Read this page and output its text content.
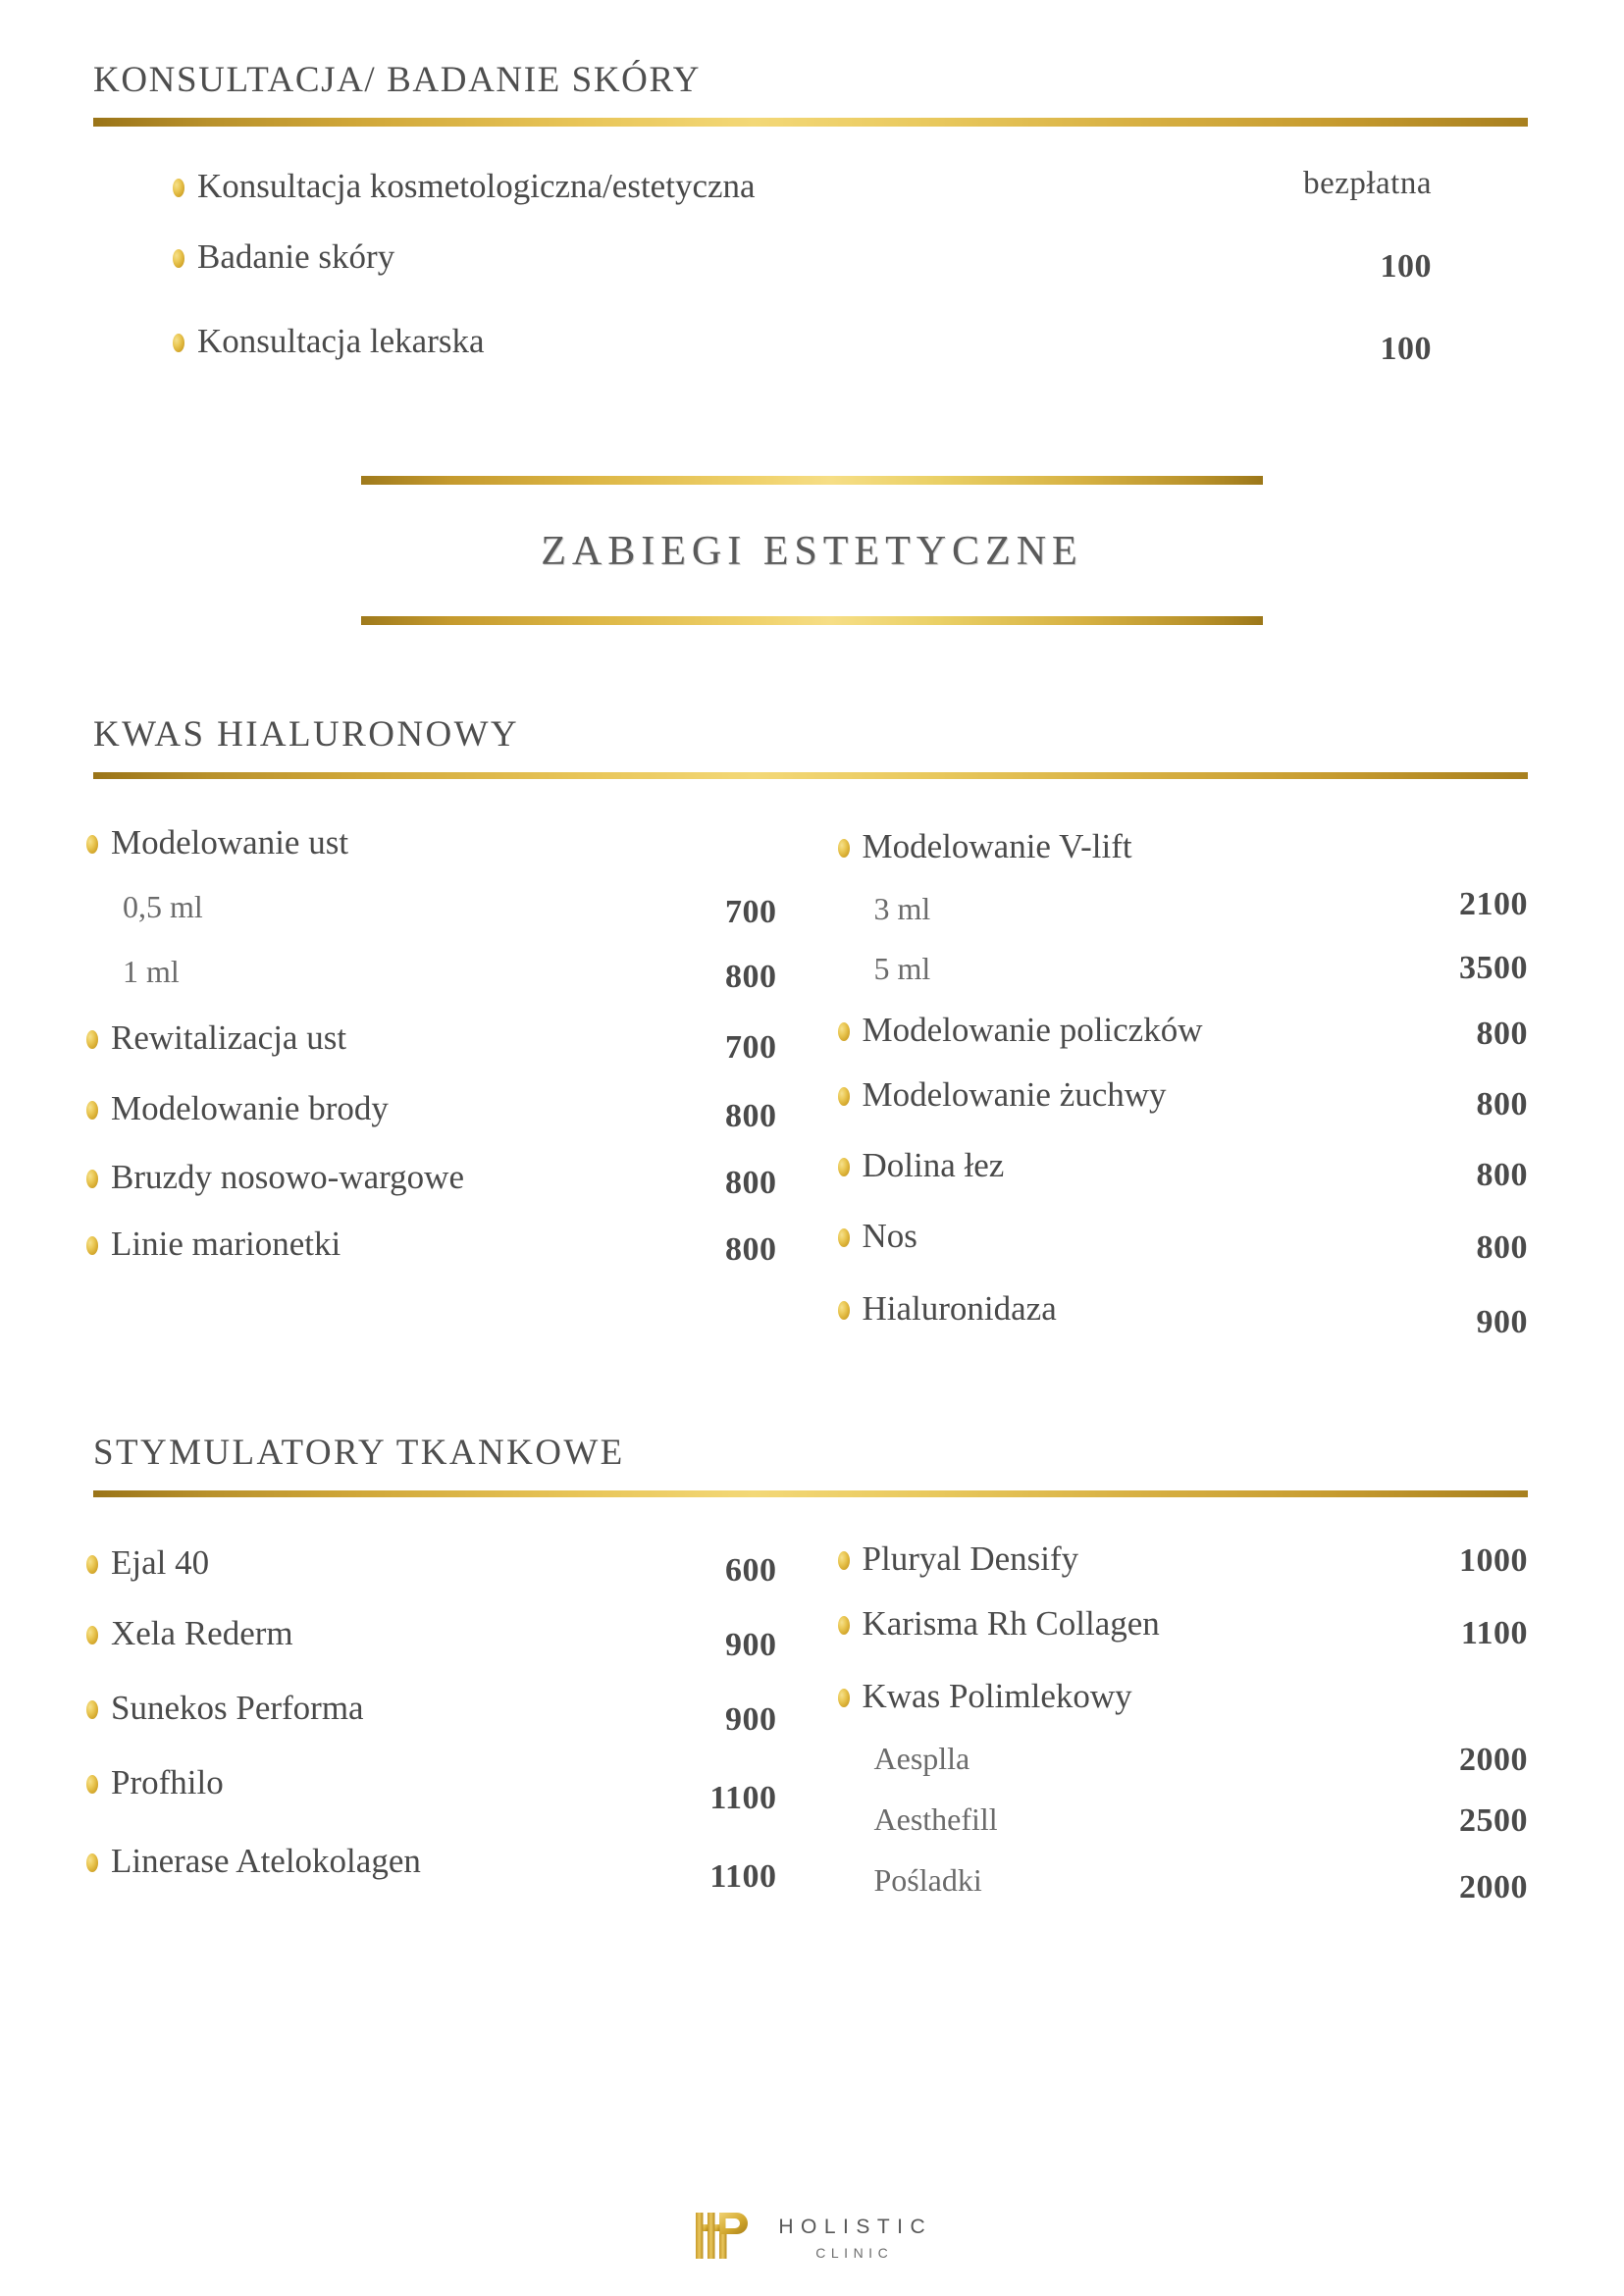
KONSULTACJA/ BADANIE SKÓRY
Konsultacja kosmetologiczna/estetyczna	bezpłatna
Badanie skóry	100
Konsultacja lekarska	100
ZABIEGI ESTETYCZNE
KWAS HIALURONOWY
Modelowanie ust
0,5 ml	700
1 ml	800
Rewitalizacja ust	700
Modelowanie brody	800
Bruzdy nosowo-wargowe	800
Linie marionetki	800
Modelowanie V-lift
3 ml	2100
5 ml	3500
Modelowanie policzków	800
Modelowanie żuchwy	800
Dolina łez	800
Nos	800
Hialuronidaza	900
STYMULATORY TKANKOWE
Ejal 40	600
Xela Rederm	900
Sunekos Performa	900
Profhilo	1100
Linerase Atelokolagen	1100
Pluryal Densify	1000
Karisma Rh Collagen	1100
Kwas Polimlekowy
Aesplla	2000
Aesthefill	2500
Pośladki	2000
HOLISTIC
CLINIC
